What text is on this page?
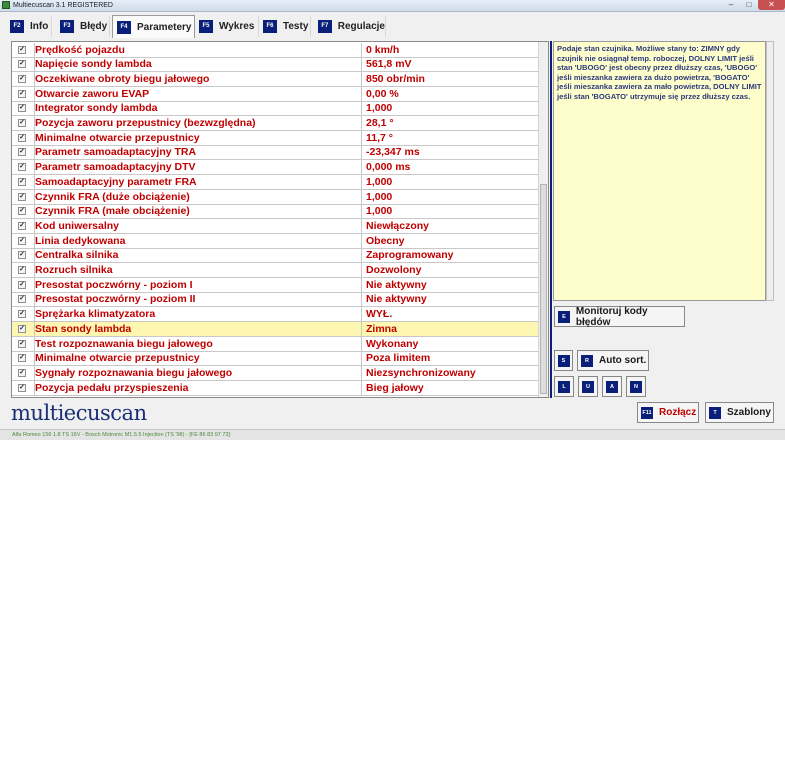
Multiecuscan 3.1 REGISTERED	–	□	✕
F2 Info	F3 Błędy	F4 Parametery	F5 Wykres	F6 Testy	F7 Regulacje
✓ Pozycja pedału przyspieszenia	Bieg jałowy
✓ Sygnały rozpoznawania biegu jałowego	Niezsynchronizowany
✓ Minimalne otwarcie przepustnicy	Poza limitem
✓ Test rozpoznawania biegu jałowego	Wykonany
✓ Stan sondy lambda	Zimna
✓ Sprężarka klimatyzatora	WYŁ.
✓ Presostat poczwórny - poziom II	Nie aktywny
✓ Presostat poczwórny - poziom I	Nie aktywny
✓ Rozruch silnika	Dozwolony
✓ Centralka silnika	Zaprogramowany
✓ Linia dedykowana	Obecny
✓ Kod uniwersalny	Niewłączony
✓ Czynnik FRA (małe obciążenie)	1,000
✓ Czynnik FRA (duże obciążenie)	1,000
✓ Samoadaptacyjny parametr FRA	1,000
✓ Parametr samoadaptacyjny DTV	0,000 ms
✓ Parametr samoadaptacyjny TRA	-23,347 ms
✓ Minimalne otwarcie przepustnicy	11,7 °
✓ Pozycja zaworu przepustnicy (bezwzględna)	28,1 °
✓ Integrator sondy lambda	1,000
✓ Otwarcie zaworu EVAP	0,00 %
✓ Oczekiwane obroty biegu jałowego	850 obr/min
✓ Napięcie sondy lambda	561,8 mV
✓ Prędkość pojazdu	0 km/h	Podaje stan czujnika. Możliwe stany to: ZIMNY gdy czujnik nie osiągnął temp. roboczej, DOLNY LIMIT jeśli stan 'UBOGO' jest obecny przez dłuższy czas, 'UBOGO' jeśli mieszanka zawiera za dużo powietrza, 'BOGATO' jeśli mieszanka zawiera za mało powietrza, DOLNY LIMIT jeśli stan 'BOGATO' utrzymuje się przez dłuższy czas.
E	Monitoruj kody błędów
S	R	Auto sort.
L	U	A	N
F11 Rozłącz	T	Szablony
multiecuscan
Alfa Romeo 156 1.8 TS 16V - Bosch Motronic M1.5.5 Injection (TS '98) - [FE 86 83 97 73]
